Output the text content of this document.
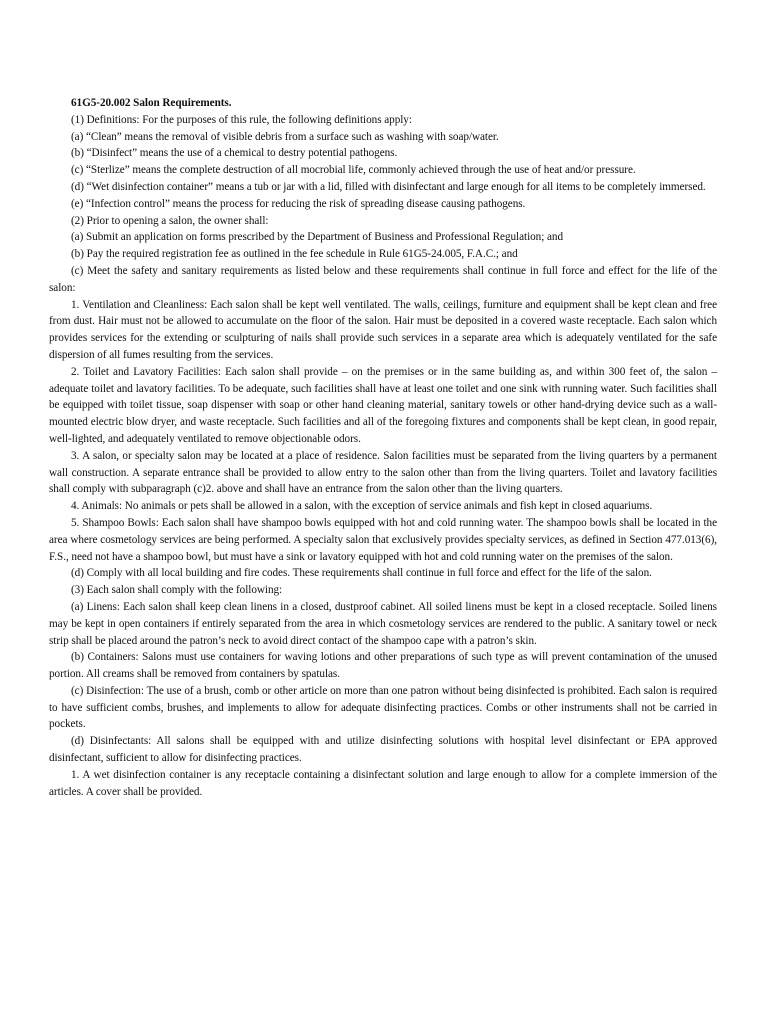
61G5-20.002 Salon Requirements.

(1) Definitions: For the purposes of this rule, the following definitions apply:

(a) “Clean” means the removal of visible debris from a surface such as washing with soap/water.

(b) “Disinfect” means the use of a chemical to destry potential pathogens.

(c) “Sterlize” means the complete destruction of all mocrobial life, commonly achieved through the use of heat and/or pressure.

(d) “Wet disinfection container” means a tub or jar with a lid, filled with disinfectant and large enough for all items to be completely immersed.

(e) “Infection control” means the process for reducing the risk of spreading disease causing pathogens.

(2) Prior to opening a salon, the owner shall:

(a) Submit an application on forms prescribed by the Department of Business and Professional Regulation; and

(b) Pay the required registration fee as outlined in the fee schedule in Rule 61G5-24.005, F.A.C.; and

(c) Meet the safety and sanitary requirements as listed below and these requirements shall continue in full force and effect for the life of the salon:

1. Ventilation and Cleanliness: Each salon shall be kept well ventilated. The walls, ceilings, furniture and equipment shall be kept clean and free from dust. Hair must not be allowed to accumulate on the floor of the salon. Hair must be deposited in a covered waste receptacle. Each salon which provides services for the extending or sculpturing of nails shall provide such services in a separate area which is adequately ventilated for the safe dispersion of all fumes resulting from the services.

2. Toilet and Lavatory Facilities: Each salon shall provide – on the premises or in the same building as, and within 300 feet of, the salon – adequate toilet and lavatory facilities. To be adequate, such facilities shall have at least one toilet and one sink with running water. Such facilities shall be equipped with toilet tissue, soap dispenser with soap or other hand cleaning material, sanitary towels or other hand-drying device such as a wall-mounted electric blow dryer, and waste receptacle. Such facilities and all of the foregoing fixtures and components shall be kept clean, in good repair, well-lighted, and adequately ventilated to remove objectionable odors.

3. A salon, or specialty salon may be located at a place of residence. Salon facilities must be separated from the living quarters by a permanent wall construction. A separate entrance shall be provided to allow entry to the salon other than from the living quarters. Toilet and lavatory facilities shall comply with subparagraph (c)2. above and shall have an entrance from the salon other than the living quarters.

4. Animals: No animals or pets shall be allowed in a salon, with the exception of service animals and fish kept in closed aquariums.

5. Shampoo Bowls: Each salon shall have shampoo bowls equipped with hot and cold running water. The shampoo bowls shall be located in the area where cosmetology services are being performed. A specialty salon that exclusively provides specialty services, as defined in Section 477.013(6), F.S., need not have a shampoo bowl, but must have a sink or lavatory equipped with hot and cold running water on the premises of the salon.

(d) Comply with all local building and fire codes. These requirements shall continue in full force and effect for the life of the salon.

(3) Each salon shall comply with the following:

(a) Linens: Each salon shall keep clean linens in a closed, dustproof cabinet. All soiled linens must be kept in a closed receptacle. Soiled linens may be kept in open containers if entirely separated from the area in which cosmetology services are rendered to the public. A sanitary towel or neck strip shall be placed around the patron’s neck to avoid direct contact of the shampoo cape with a patron’s skin.

(b) Containers: Salons must use containers for waving lotions and other preparations of such type as will prevent contamination of the unused portion. All creams shall be removed from containers by spatulas.

(c) Disinfection: The use of a brush, comb or other article on more than one patron without being disinfected is prohibited. Each salon is required to have sufficient combs, brushes, and implements to allow for adequate disinfecting practices. Combs or other instruments shall not be carried in pockets.

(d) Disinfectants: All salons shall be equipped with and utilize disinfecting solutions with hospital level disinfectant or EPA approved disinfectant, sufficient to allow for disinfecting practices.

1. A wet disinfection container is any receptacle containing a disinfectant solution and large enough to allow for a complete immersion of the articles. A cover shall be provided.
